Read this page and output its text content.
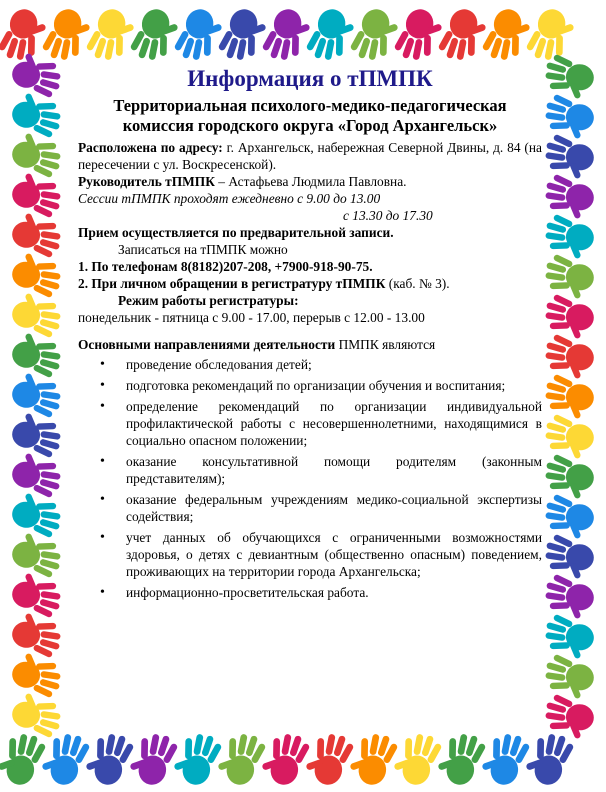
Информация о тПМПК
Территориальная психолого-медико-педагогическая комиссия городского округа «Город Архангельск»

Расположена по адресу: г. Архангельск, набережная Северной Двины, д. 84 (на пересечении с ул. Воскресенской).

Руководитель тПМПК – Астафьева Людмила Павловна.

Сессии тПМПК проходят ежедневно с 9.00 до 13.00

с 13.30 до 17.30

Прием осуществляется по предварительной записи.

Записаться на тПМПК можно

1. По телефонам 8(8182)207-208, +7900-918-90-75.

2. При личном обращении в регистратуру тПМПК (каб. № 3).

Режим работы регистратуры:

понедельник - пятница с 9.00 - 17.00, перерыв с 12.00 - 13.00

Основными направлениями деятельности ПМПК являются

• проведение обследования детей;
• подготовка рекомендаций по организации обучения и воспитания;
• определение рекомендаций по организации индивидуальной профилактической работы с несовершеннолетними, находящимися в социально опасном положении;
• оказание консультативной помощи родителям (законным представителям);
• оказание федеральным учреждениям медико-социальной экспертизы содействия;
• учет данных об обучающихся с ограниченными возможностями здоровья, о детях с девиантным (общественно опасным) поведением, проживающих на территории города Архангельска;
• информационно-просветительская работа.
